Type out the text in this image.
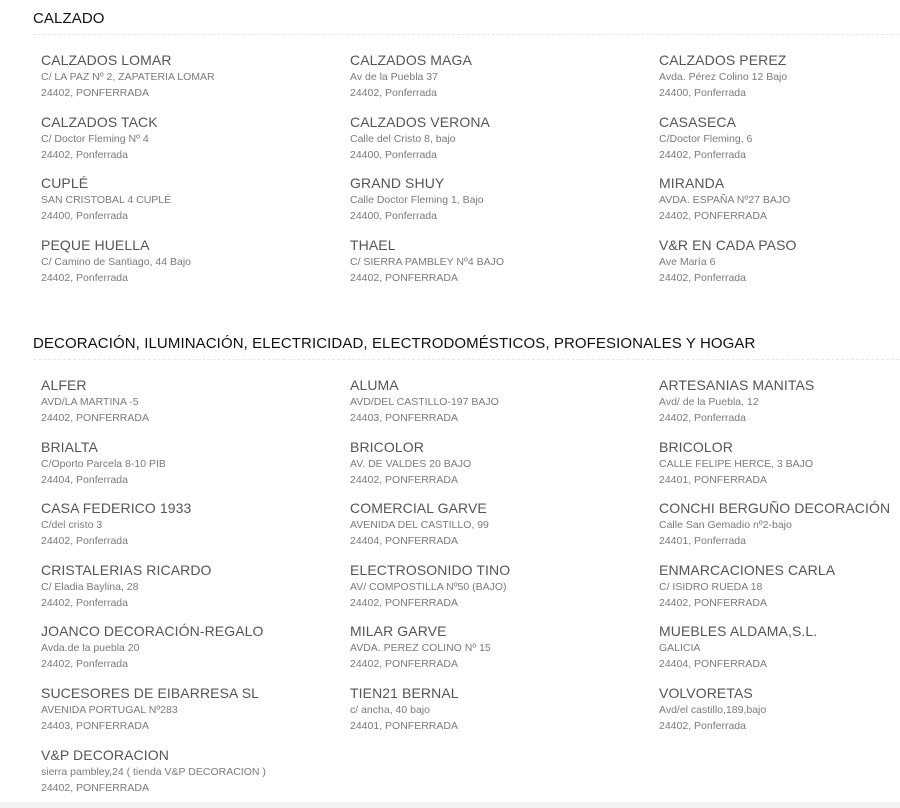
CALZADO
CALZADOS LOMAR
C/ LA PAZ Nº 2, ZAPATERIA LOMAR
24402, PONFERRADA
CALZADOS MAGA
Av de la Puebla 37
24402, Ponferrada
CALZADOS PEREZ
Avda. Pérez Colino 12 Bajo
24400, Ponferrada
CALZADOS TACK
C/ Doctor Fleming Nº 4
24402, Ponferrada
CALZADOS VERONA
Calle del Cristo 8, bajo
24400, Ponferrada
CASASECA
C/Doctor Fleming, 6
24402, Ponferrada
CUPLÉ
SAN CRISTOBAL 4 CUPLÉ
24400, Ponferrada
GRAND SHUY
Calle Doctor Fleming 1, Bajo
24400, Ponferrada
MIRANDA
AVDA. ESPAÑA Nº27 BAJO
24402, PONFERRADA
PEQUE HUELLA
C/ Camino de Santiago, 44 Bajo
24402, Ponferrada
THAEL
C/ SIERRA PAMBLEY Nº4 BAJO
24402, PONFERRADA
V&R EN CADA PASO
Ave María 6
24402, Ponferrada
DECORACIÓN, ILUMINACIÓN, ELECTRICIDAD, ELECTRODOMÉSTICOS, PROFESIONALES Y HOGAR
ALFER
AVD/LA MARTINA -5
24402, PONFERRADA
ALUMA
AVD/DEL CASTILLO-197 BAJO
24403, PONFERRADA
ARTESANIAS MANITAS
Avd/ de la Puebla, 12
24402, Ponferrada
BRIALTA
C/Oporto Parcela 8-10 PIB
24404, Ponferrada
BRICOLOR
AV. DE VALDES 20 BAJO
24402, PONFERRADA
BRICOLOR
CALLE FELIPE HERCE, 3 BAJO
24401, PONFERRADA
CASA FEDERICO 1933
C/del cristo 3
24402, Ponferrada
COMERCIAL GARVE
AVENIDA DEL CASTILLO, 99
24404, PONFERRADA
CONCHI BERGUÑO DECORACIÓN
Calle San Gemadio nº2-bajo
24401, Ponferrada
CRISTALERIAS RICARDO
C/ Eladia Baylina, 28
24402, Ponferrada
ELECTROSONIDO TINO
AV/ COMPOSTILLA Nº50 (BAJO)
24402, PONFERRADA
ENMARCACIONES CARLA
C/ ISIDRO RUEDA 18
24402, PONFERRADA
JOANCO DECORACIÓN-REGALO
Avda.de la puebla 20
24402, Ponferrada
MILAR GARVE
AVDA. PEREZ COLINO Nº 15
24402, PONFERRADA
MUEBLES ALDAMA,S.L.
GALICIA
24404, PONFERRADA
SUCESORES DE EIBARRESA SL
AVENIDA PORTUGAL Nº283
24403, PONFERRADA
TIEN21 BERNAL
c/ ancha, 40 bajo
24401, PONFERRADA
VOLVORETAS
Avd/el castillo,189,bajo
24402, Ponferrada
V&P DECORACION
sierra pambley,24 ( tienda V&P DECORACION )
24402, PONFERRADA
